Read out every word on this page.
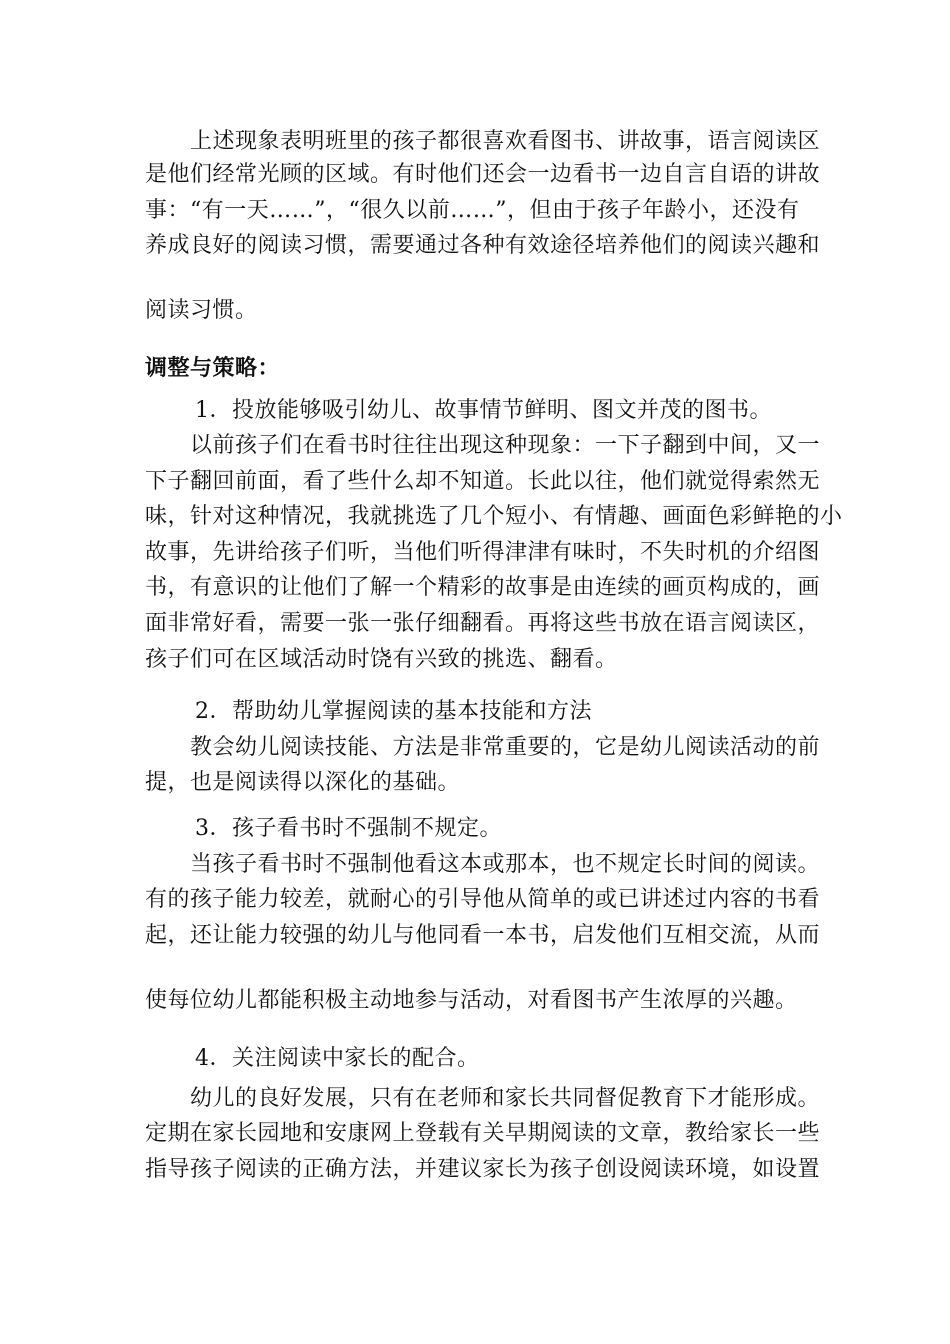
上述现象表明班里的孩子都很喜欢看图书、讲故事，语言阅读区
是他们经常光顾的区域。有时他们还会一边看书一边自言自语的讲故
事：“有一天……”，“很久以前……”，但由于孩子年龄小，还没有
养成良好的阅读习惯，需要通过各种有效途径培养他们的阅读兴趣和
阅读习惯。
调整与策略：
1．投放能够吸引幼儿、故事情节鲜明、图文并茂的图书。
以前孩子们在看书时往往出现这种现象：一下子翻到中间，又一
下子翻回前面，看了些什么却不知道。长此以往，他们就觉得索然无
味，针对这种情况，我就挑选了几个短小、有情趣、画面色彩鲜艳的小
故事，先讲给孩子们听，当他们听得津津有味时，不失时机的介绍图
书，有意识的让他们了解一个精彩的故事是由连续的画页构成的，画
面非常好看，需要一张一张仔细翻看。再将这些书放在语言阅读区，
孩子们可在区域活动时饶有兴致的挑选、翻看。
2．帮助幼儿掌握阅读的基本技能和方法
教会幼儿阅读技能、方法是非常重要的，它是幼儿阅读活动的前
提，也是阅读得以深化的基础。
3．孩子看书时不强制不规定。
当孩子看书时不强制他看这本或那本，也不规定长时间的阅读。
有的孩子能力较差，就耐心的引导他从简单的或已讲述过内容的书看
起，还让能力较强的幼儿与他同看一本书，启发他们互相交流，从而
使每位幼儿都能积极主动地参与活动，对看图书产生浓厚的兴趣。
4．关注阅读中家长的配合。
幼儿的良好发展，只有在老师和家长共同督促教育下才能形成。
定期在家长园地和安康网上登载有关早期阅读的文章，教给家长一些
指导孩子阅读的正确方法，并建议家长为孩子创设阅读环境，如设置
